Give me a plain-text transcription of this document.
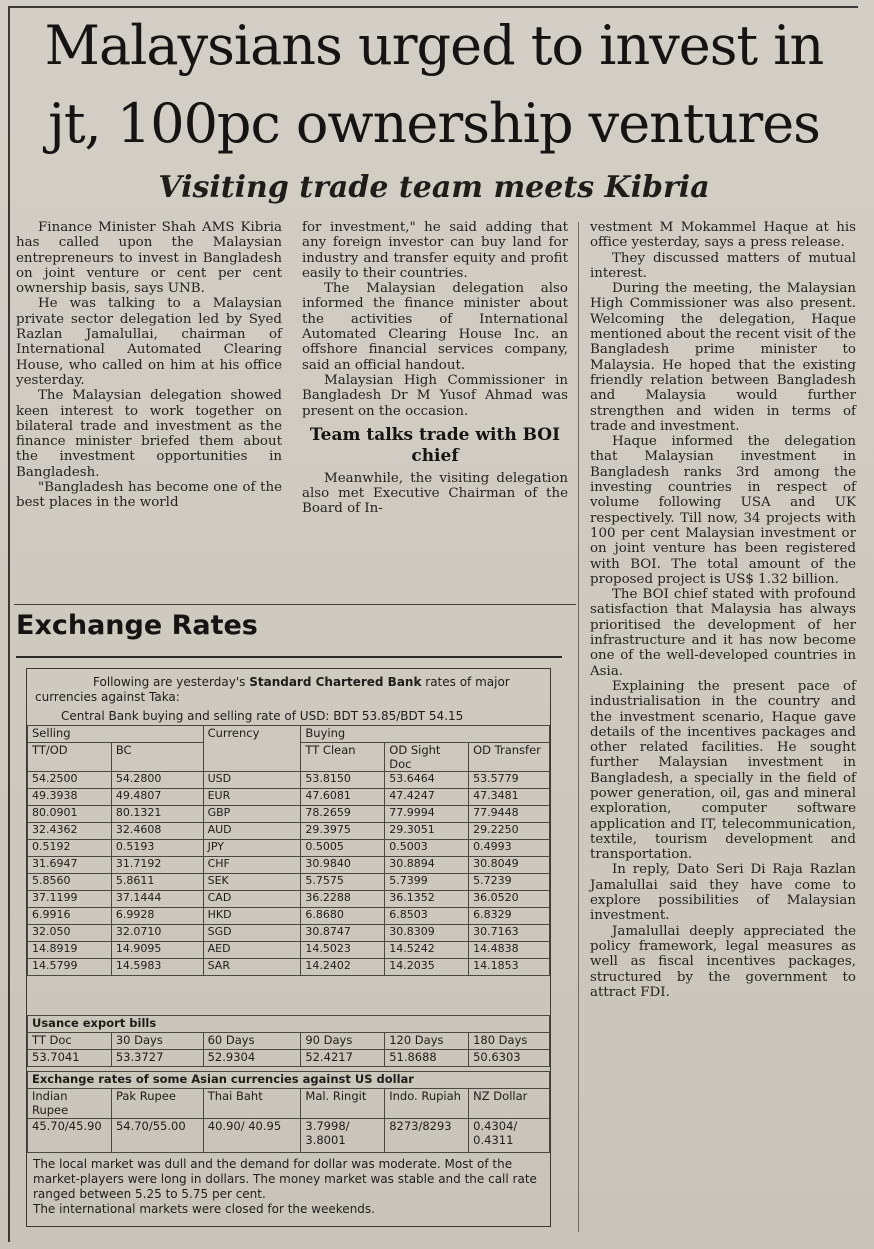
Malaysians urged to invest in
jt, 100pc ownership ventures
Visiting trade team meets Kibria

Finance Minister Shah AMS Kibria has called upon the Malaysian entrepreneurs to invest in Bangladesh on joint venture or cent per cent ownership basis, says UNB.

He was talking to a Malaysian private sector delegation led by Syed Razlan Jamalullai, chairman of International Automated Clearing House, who called on him at his office yesterday.

The Malaysian delegation showed keen interest to work together on bilateral trade and investment as the finance minister briefed them about the investment opportunities in Bangladesh.

"Bangladesh has become one of the best places in the world

for investment," he said adding that any foreign investor can buy land for industry and transfer equity and profit easily to their countries.

The Malaysian delegation also informed the finance minister about the activities of International Automated Clearing House Inc. an offshore financial services company, said an official handout.

Malaysian High Commissioner in Bangladesh Dr M Yusof Ahmad was present on the occasion.

Team talks trade with BOI chief

Meanwhile, the visiting delegation also met Executive Chairman of the Board of In-

vestment M Mokammel Haque at his office yesterday, says a press release.

They discussed matters of mutual interest.

During the meeting, the Malaysian High Commissioner was also present. Welcoming the delegation, Haque mentioned about the recent visit of the Bangladesh prime minister to Malaysia. He hoped that the existing friendly relation between Bangladesh and Malaysia would further strengthen and widen in terms of trade and investment.

Haque informed the delegation that Malaysian investment in Bangladesh ranks 3rd among the investing countries in respect of volume following USA and UK respectively. Till now, 34 projects with 100 per cent Malaysian investment or on joint venture has been registered with BOI. The total amount of the proposed project is US$ 1.32 billion.

The BOI chief stated with profound satisfaction that Malaysia has always prioritised the development of her infrastructure and it has now become one of the well-developed countries in Asia.

Explaining the present pace of industrialisation in the country and the investment scenario, Haque gave details of the incentives packages and other related facilities. He sought further Malaysian investment in Bangladesh, a specially in the field of power generation, oil, gas and mineral exploration, computer software application and IT, telecommunication, textile, tourism development and transportation.

In reply, Dato Seri Di Raja Razlan Jamalullai said they have come to explore possibilities of Malaysian investment.

Jamalullai deeply appreciated the policy framework, legal measures as well as fiscal incentives packages, structured by the government to attract FDI.

Exchange Rates
Following are yesterday's Standard Chartered Bank rates of major currencies against Taka:
Central Bank buying and selling rate of USD: BDT 53.85/BDT 54.15
Selling		Currency	Buying		
TT/OD	BC		TT Clean	OD Sight Doc	OD Transfer

54.2500	54.2800	USD	53.8150	53.6464	53.5779
49.3938	49.4807	EUR	47.6081	47.4247	47.3481
80.0901	80.1321	GBP	78.2659	77.9994	77.9448
32.4362	32.4608	AUD	29.3975	29.3051	29.2250
0.5192	0.5193	JPY	0.5005	0.5003	0.4993
31.6947	31.7192	CHF	30.9840	30.8894	30.8049
5.8560	5.8611	SEK	5.7575	5.7399	5.7239
37.1199	37.1444	CAD	36.2288	36.1352	36.0520
6.9916	6.9928	HKD	6.8680	6.8503	6.8329
32.050	32.0710	SGD	30.8747	30.8309	30.7163
14.8919	14.9095	AED	14.5023	14.5242	14.4838
14.5799	14.5983	SAR	14.2402	14.2035	14.1853
Usance export bills					
TT Doc	30 Days	60 Days	90 Days	120 Days	180 Days
53.7041	53.3727	52.9304	52.4217	51.8688	50.6303
Exchange rates of some Asian currencies against US dollar					
Indian Rupee	Pak Rupee	Thai Baht	Mal. Ringit	Indo. Rupiah	NZ Dollar
45.70/45.90	54.70/55.00	40.90/ 40.95	3.7998/ 3.8001	8273/8293	0.4304/ 0.4311
The local market was dull and the demand for dollar was moderate. Most of the market-players were long in dollars. The money market was stable and the call rate ranged between 5.25 to 5.75 per cent.
The international markets were closed for the weekends.
